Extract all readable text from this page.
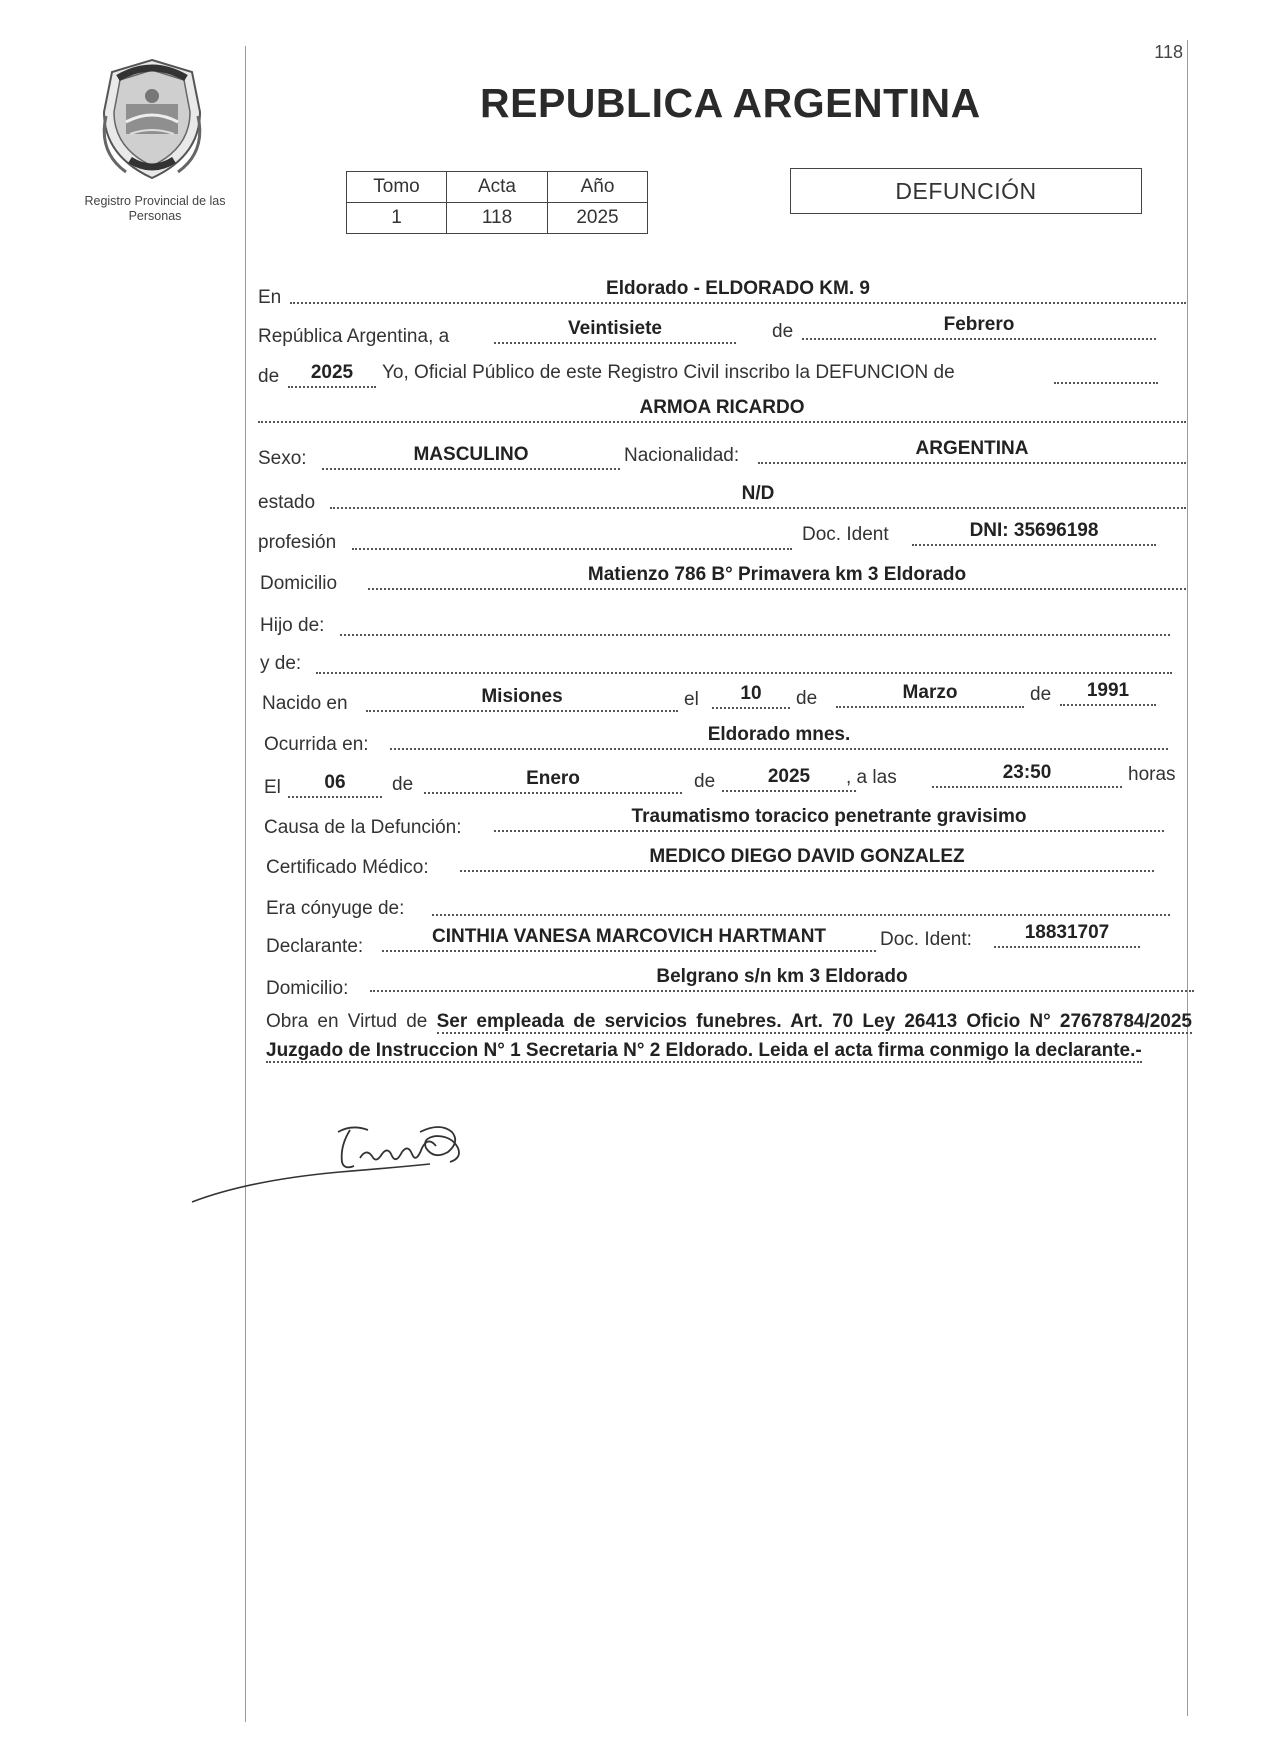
118
Registro Provincial de las Personas
REPUBLICA ARGENTINA
Tomo	Acta	Año
1	118	2025
DEFUNCIÓN
En	Eldorado - ELDORADO KM. 9
República Argentina, a	Veintisiete	de	Febrero
de	2025	Yo, Oficial Público de este Registro Civil inscribo la DEFUNCION de
ARMOA RICARDO
Sexo:	MASCULINO	Nacionalidad:	ARGENTINA
estado	N/D
profesión	Doc. Ident	DNI: 35696198
Domicilio	Matienzo 786 B° Primavera km 3 Eldorado
Hijo de:
y de:
Nacido en	Misiones	el	10	de	Marzo	de	1991
Ocurrida en:	Eldorado mnes.
El	06	de	Enero	de	2025	, a las	23:50	horas
Causa de la Defunción:
Traumatismo toracico penetrante gravisimo
Certificado Médico:
MEDICO DIEGO DAVID GONZALEZ
Era cónyuge de:
Declarante:	CINTHIA VANESA MARCOVICH HARTMANT	Doc. Ident:	18831707
Domicilio:
Belgrano s/n km 3 Eldorado
Obra en Virtud de Ser empleada de servicios funebres. Art. 70 Ley 26413 Oficio N° 27678784/2025 Juzgado de Instruccion N° 1 Secretaria N° 2 Eldorado. Leida el acta firma conmigo la declarante.-
